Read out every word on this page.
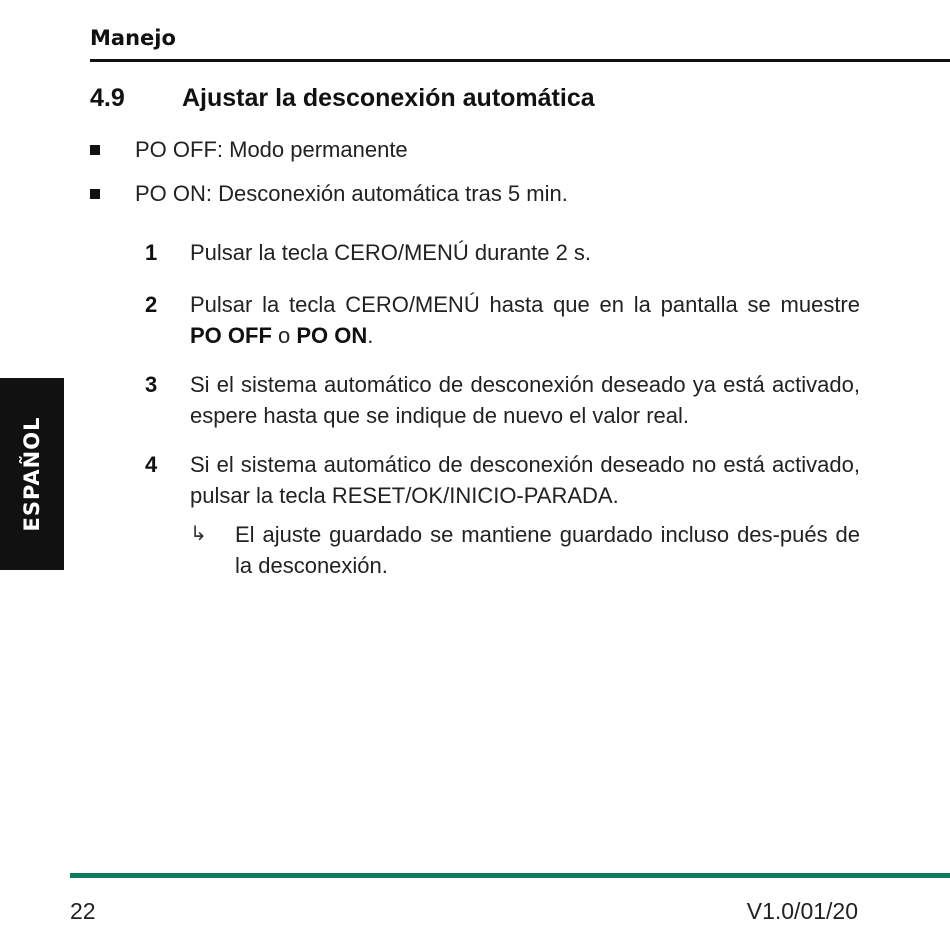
Manejo
4.9 Ajustar la desconexión automática
PO OFF: Modo permanente
PO ON: Desconexión automática tras 5 min.
1 Pulsar la tecla CERO/MENÚ durante 2 s.
2 Pulsar la tecla CERO/MENÚ hasta que en la pantalla se muestre PO OFF o PO ON.
3 Si el sistema automático de desconexión deseado ya está activado, espere hasta que se indique de nuevo el valor real.
4 Si el sistema automático de desconexión deseado no está activado, pulsar la tecla RESET/OK/INICIO-PARADA.
↳ El ajuste guardado se mantiene guardado incluso des-pués de la desconexión.
ESPAÑOL
22	V1.0/01/20
